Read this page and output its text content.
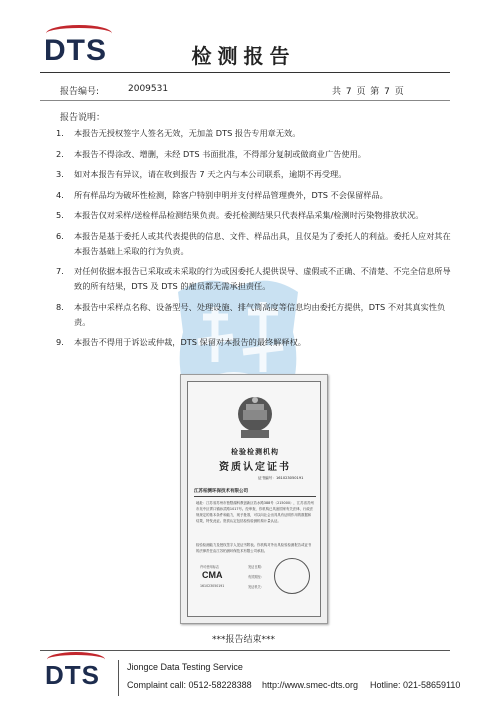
DTS	检测报告
报告编号:	2009531	共 7 页 第 7 页
报告说明：
1. 本报告无授权签字人签名无效，无加盖 DTS 报告专用章无效。
2. 本报告不得涂改、增删，未经 DTS 书面批准，不得部分复制或做商业广告使用。
3. 如对本报告有异议，请在收到报告 7 天之内与本公司联系，逾期不再受理。
4. 所有样品均为破坏性检测，除客户特别申明并支付样品管理费外，DTS 不会保留样品。
5. 本报告仅对采样/送检样品检测结果负责。委托检测结果只代表样品采集/检测时污染物排放状况。
6. 本报告是基于委托人或其代表提供的信息、文件、样品出具，且仅是为了委托人的利益。委托人应对其在本报告基础上采取的行为负责。
7. 对任何依据本报告已采取或未采取的行为或因委托人提供误导、虚假或不正确、不清楚、不完全信息所导致的所有结果，DTS 及 DTS 的雇员都无需承担责任。
8. 本报告中采样点名称、设备型号、处理设施、排气筒高度等信息均由委托方提供，DTS 不对其真实性负责。
9. 本报告不得用于诉讼或仲裁，DTS 保留对本报告的最终解释权。
检验检测机构
资质认定证书
证书编号：161023050191
江苏柏测环保技术有限公司
地址：江苏省苏州市独墅湖科教创新区若水路388号（215000），江苏省苏州市吴中区胥口镇孙武路1017号。经审查，你机构已具备国家有关法律、行政法规规定的基本条件和能力，现予批准，可以向社会出具具有证明作用的数据和结果，特发此证。资质认定包括检验检测机构计量认证。
检验检测能力及授权签字人见证书附表。你机构对外出具检验检测报告或证书的法律责任由江苏柏测环保技术有限公司承担。
许可使用标志
CMA
161023050191
发证日期：
有效期至：
发证机关：
***报告结束***
DTS	Jiongce Data Testing Service
Complaint call: 0512-58228388 http://www.smec-dts.org Hotline: 021-58659110
